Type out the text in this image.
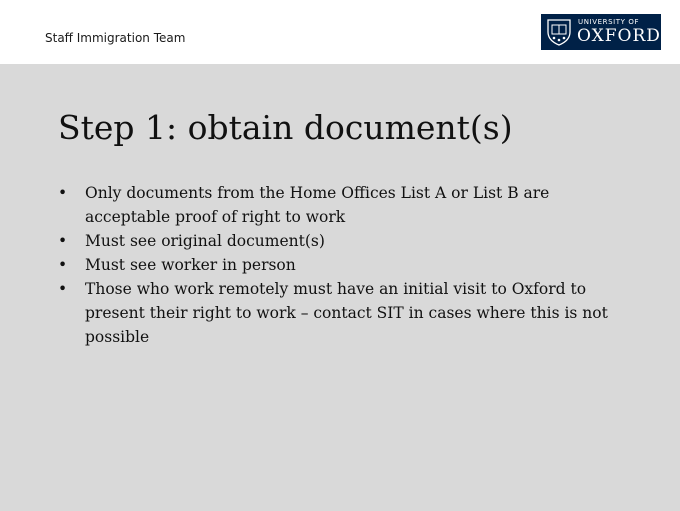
Staff Immigration Team
UNIVERSITY OF
OXFORD
Step 1: obtain document(s)
• Only documents from the Home Offices List A or List B are acceptable proof of right to work
• Must see original document(s)
• Must see worker in person
• Those who work remotely must have an initial visit to Oxford to present their right to work – contact SIT in cases where this is not possible
